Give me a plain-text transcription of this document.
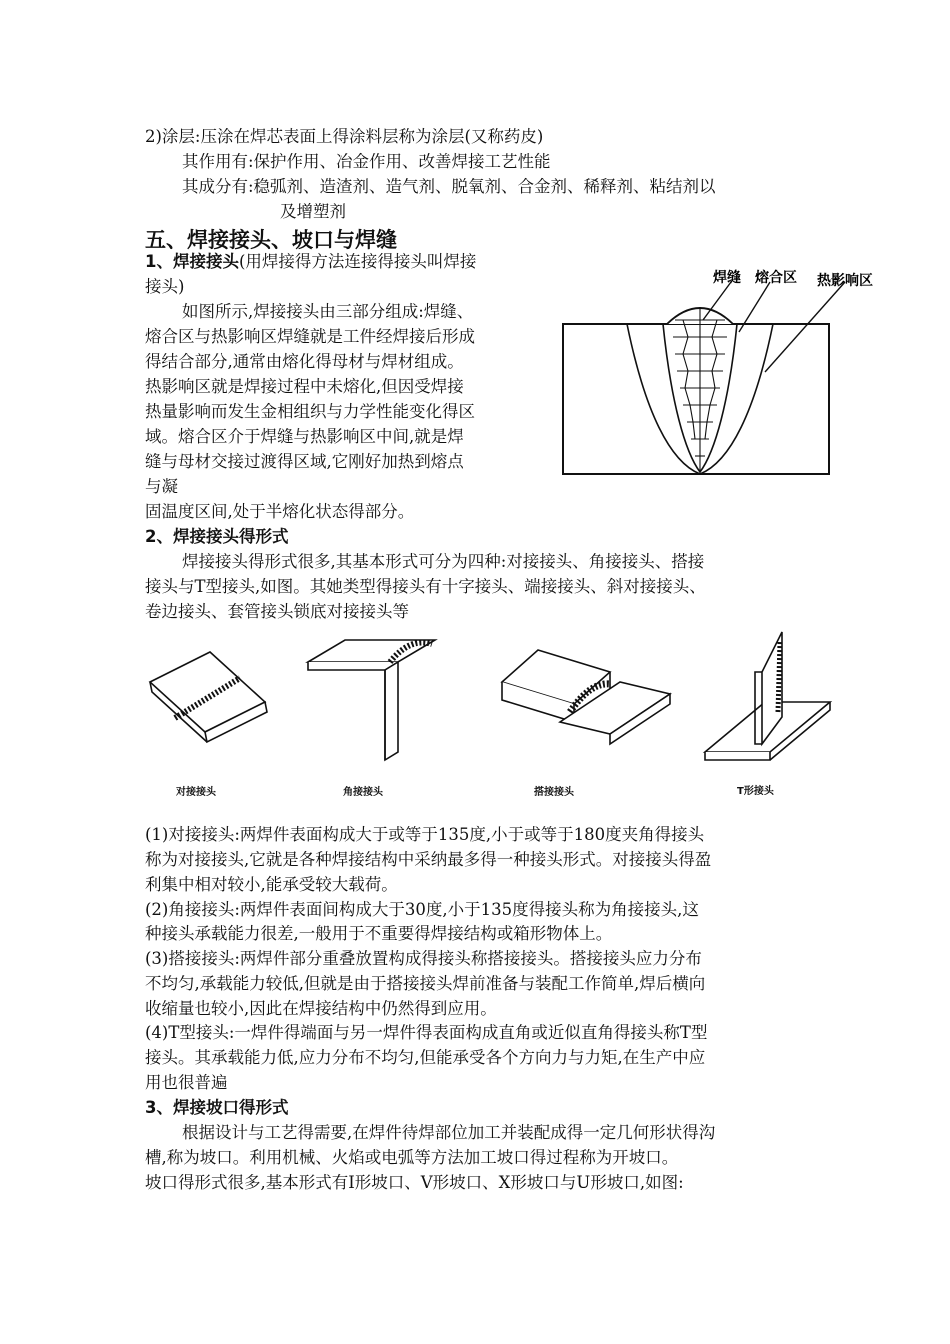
2)涂层:压涂在焊芯表面上得涂料层称为涂层(又称药皮)
其作用有:保护作用、冶金作用、改善焊接工艺性能
其成分有:稳弧剂、造渣剂、造气剂、脱氧剂、合金剂、稀释剂、粘结剂以
及增塑剂
五、焊接接头、坡口与焊缝
1、焊接接头(用焊接得方法连接得接头叫焊接
接头)
如图所示,焊接接头由三部分组成:焊缝、
熔合区与热影响区焊缝就是工件经焊接后形成
得结合部分,通常由熔化得母材与焊材组成。
热影响区就是焊接过程中未熔化,但因受焊接
热量影响而发生金相组织与力学性能变化得区
域。熔合区介于焊缝与热影响区中间,就是焊
缝与母材交接过渡得区域,它刚好加热到熔点
与凝
固温度区间,处于半熔化状态得部分。
焊缝 熔合区 热影响区
2、焊接接头得形式
焊接接头得形式很多,其基本形式可分为四种:对接接头、角接接头、搭接
接头与T型接头,如图。其她类型得接头有十字接头、端接接头、斜对接接头、
卷边接头、套管接头锁底对接接头等
对接接头	角接接头	搭接接头	T形接头
(1)对接接头:两焊件表面构成大于或等于135度,小于或等于180度夹角得接头
称为对接接头,它就是各种焊接结构中采纳最多得一种接头形式。对接接头得盈
利集中相对较小,能承受较大载荷。
(2)角接接头:两焊件表面间构成大于30度,小于135度得接头称为角接接头,这
种接头承载能力很差,一般用于不重要得焊接结构或箱形物体上。
(3)搭接接头:两焊件部分重叠放置构成得接头称搭接接头。搭接接头应力分布
不均匀,承载能力较低,但就是由于搭接接头焊前准备与装配工作简单,焊后横向
收缩量也较小,因此在焊接结构中仍然得到应用。
(4)T型接头:一焊件得端面与另一焊件得表面构成直角或近似直角得接头称T型
接头。其承载能力低,应力分布不均匀,但能承受各个方向力与力矩,在生产中应
用也很普遍
3、焊接坡口得形式
根据设计与工艺得需要,在焊件待焊部位加工并装配成得一定几何形状得沟
槽,称为坡口。利用机械、火焰或电弧等方法加工坡口得过程称为开坡口。
坡口得形式很多,基本形式有I形坡口、V形坡口、X形坡口与U形坡口,如图:
